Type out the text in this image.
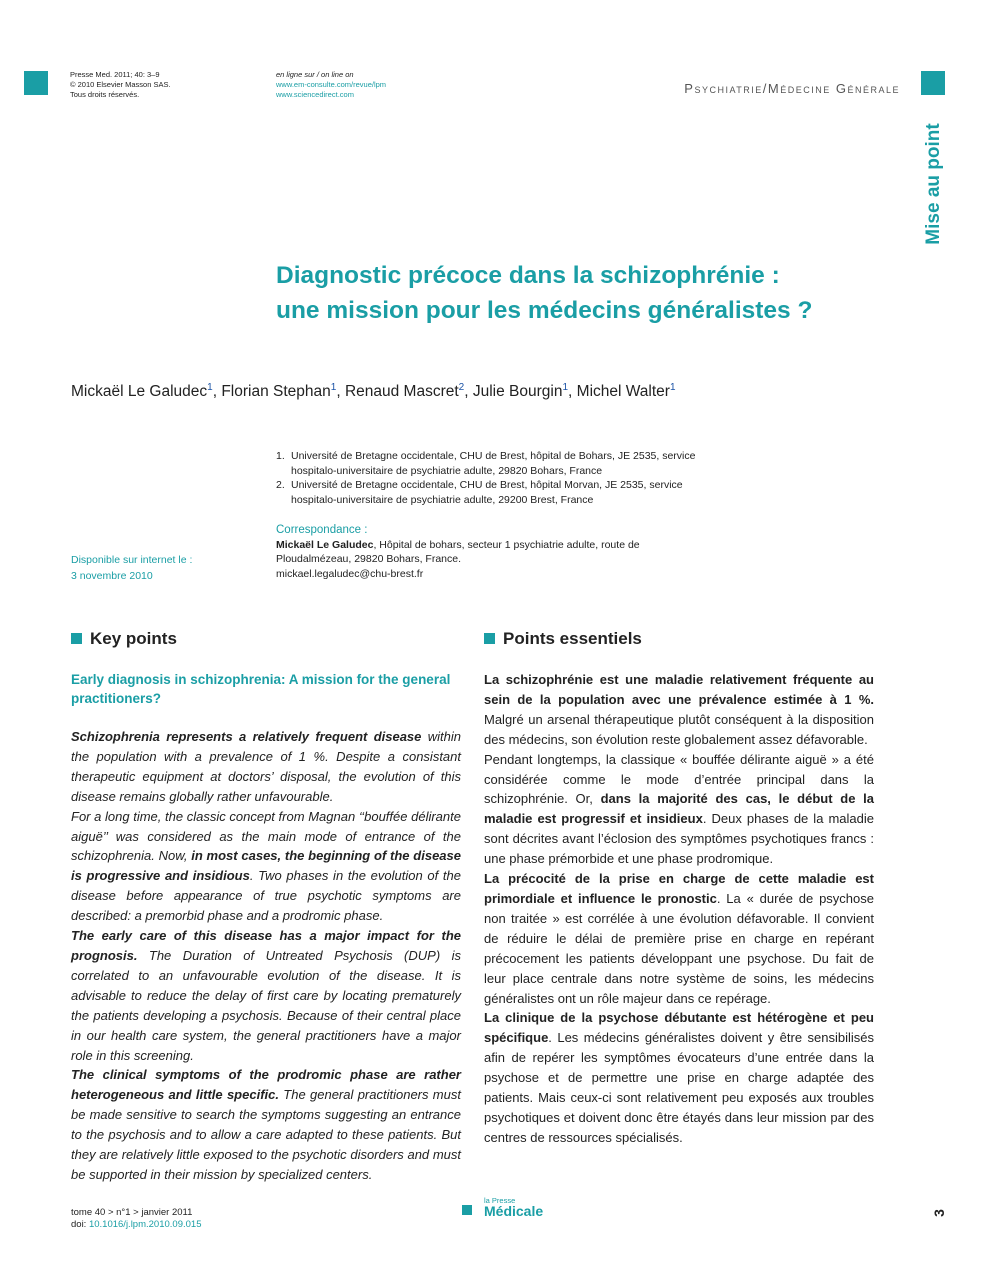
Presse Med. 2011; 40: 3–9
© 2010 Elsevier Masson SAS.
Tous droits réservés.
en ligne sur / on line on
www.em-consulte.com/revue/lpm
www.sciencedirect.com	Psychiatrie/Médecine Générale
Mise au point
Diagnostic précoce dans la schizophrénie :
une mission pour les médecins généralistes ?
Mickaël Le Galudec$^1$, Florian Stephan$^1$, Renaud Mascret$^2$, Julie Bourgin$^1$, Michel Walter$^1$
1. Université de Bretagne occidentale, CHU de Brest, hôpital de Bohars, JE 2535, service hospitalo-universitaire de psychiatrie adulte, 29820 Bohars, France
2. Université de Bretagne occidentale, CHU de Brest, hôpital Morvan, JE 2535, service hospitalo-universitaire de psychiatrie adulte, 29200 Brest, France
Correspondance :
Mickaël Le Galudec, Hôpital de bohars, secteur 1 psychiatrie adulte, route de Ploudalmézeau, 29820 Bohars, France.
mickael.legaludec@chu-brest.fr
Disponible sur internet le :
3 novembre 2010
Key points	Points essentiels
Early diagnosis in schizophrenia: A mission for the general practitioners?

Schizophrenia represents a relatively frequent disease within the population with a prevalence of 1 %. Despite a consistant therapeutic equipment at doctors’ disposal, the evolution of this disease remains globally rather unfavourable.

For a long time, the classic concept from Magnan ‘‘bouffée délirante aiguë’’ was considered as the main mode of entrance of the schizophrenia. Now, in most cases, the beginning of the disease is progressive and insidious. Two phases in the evolution of the disease before appearance of true psychotic symptoms are described: a premorbid phase and a prodromic phase.

The early care of this disease has a major impact for the prognosis. The Duration of Untreated Psychosis (DUP) is correlated to an unfavourable evolution of the disease. It is advisable to reduce the delay of first care by locating prematurely the patients developing a psychosis. Because of their central place in our health care system, the general practitioners have a major role in this screening.

The clinical symptoms of the prodromic phase are rather heterogeneous and little specific. The general practitioners must be made sensitive to search the symptoms suggesting an entrance to the psychosis and to allow a care adapted to these patients. But they are relatively little exposed to the psychotic disorders and must be supported in their mission by specialized centers.

La schizophrénie est une maladie relativement fréquente au sein de la population avec une prévalence estimée à 1 %. Malgré un arsenal thérapeutique plutôt conséquent à la disposition des médecins, son évolution reste globalement assez défavorable.

Pendant longtemps, la classique « bouffée délirante aiguë » a été considérée comme le mode d’entrée principal dans la schizophrénie. Or, dans la majorité des cas, le début de la maladie est progressif et insidieux. Deux phases de la maladie sont décrites avant l’éclosion des symptômes psychotiques francs : une phase prémorbide et une phase prodromique.

La précocité de la prise en charge de cette maladie est primordiale et influence le pronostic. La « durée de psychose non traitée » est corrélée à une évolution défavorable. Il convient de réduire le délai de première prise en charge en repérant précocement les patients développant une psychose. Du fait de leur place centrale dans notre système de soins, les médecins généralistes ont un rôle majeur dans ce repérage.

La clinique de la psychose débutante est hétérogène et peu spécifique. Les médecins généralistes doivent y être sensibilisés afin de repérer les symptômes évocateurs d’une entrée dans la psychose et de permettre une prise en charge adaptée des patients. Mais ceux-ci sont relativement peu exposés aux troubles psychotiques et doivent donc être étayés dans leur mission par des centres de ressources spécialisés.

tome 40 > n°1 > janvier 2011
doi: 10.1016/j.lpm.2010.09.015
la Presse
Médicale	3
